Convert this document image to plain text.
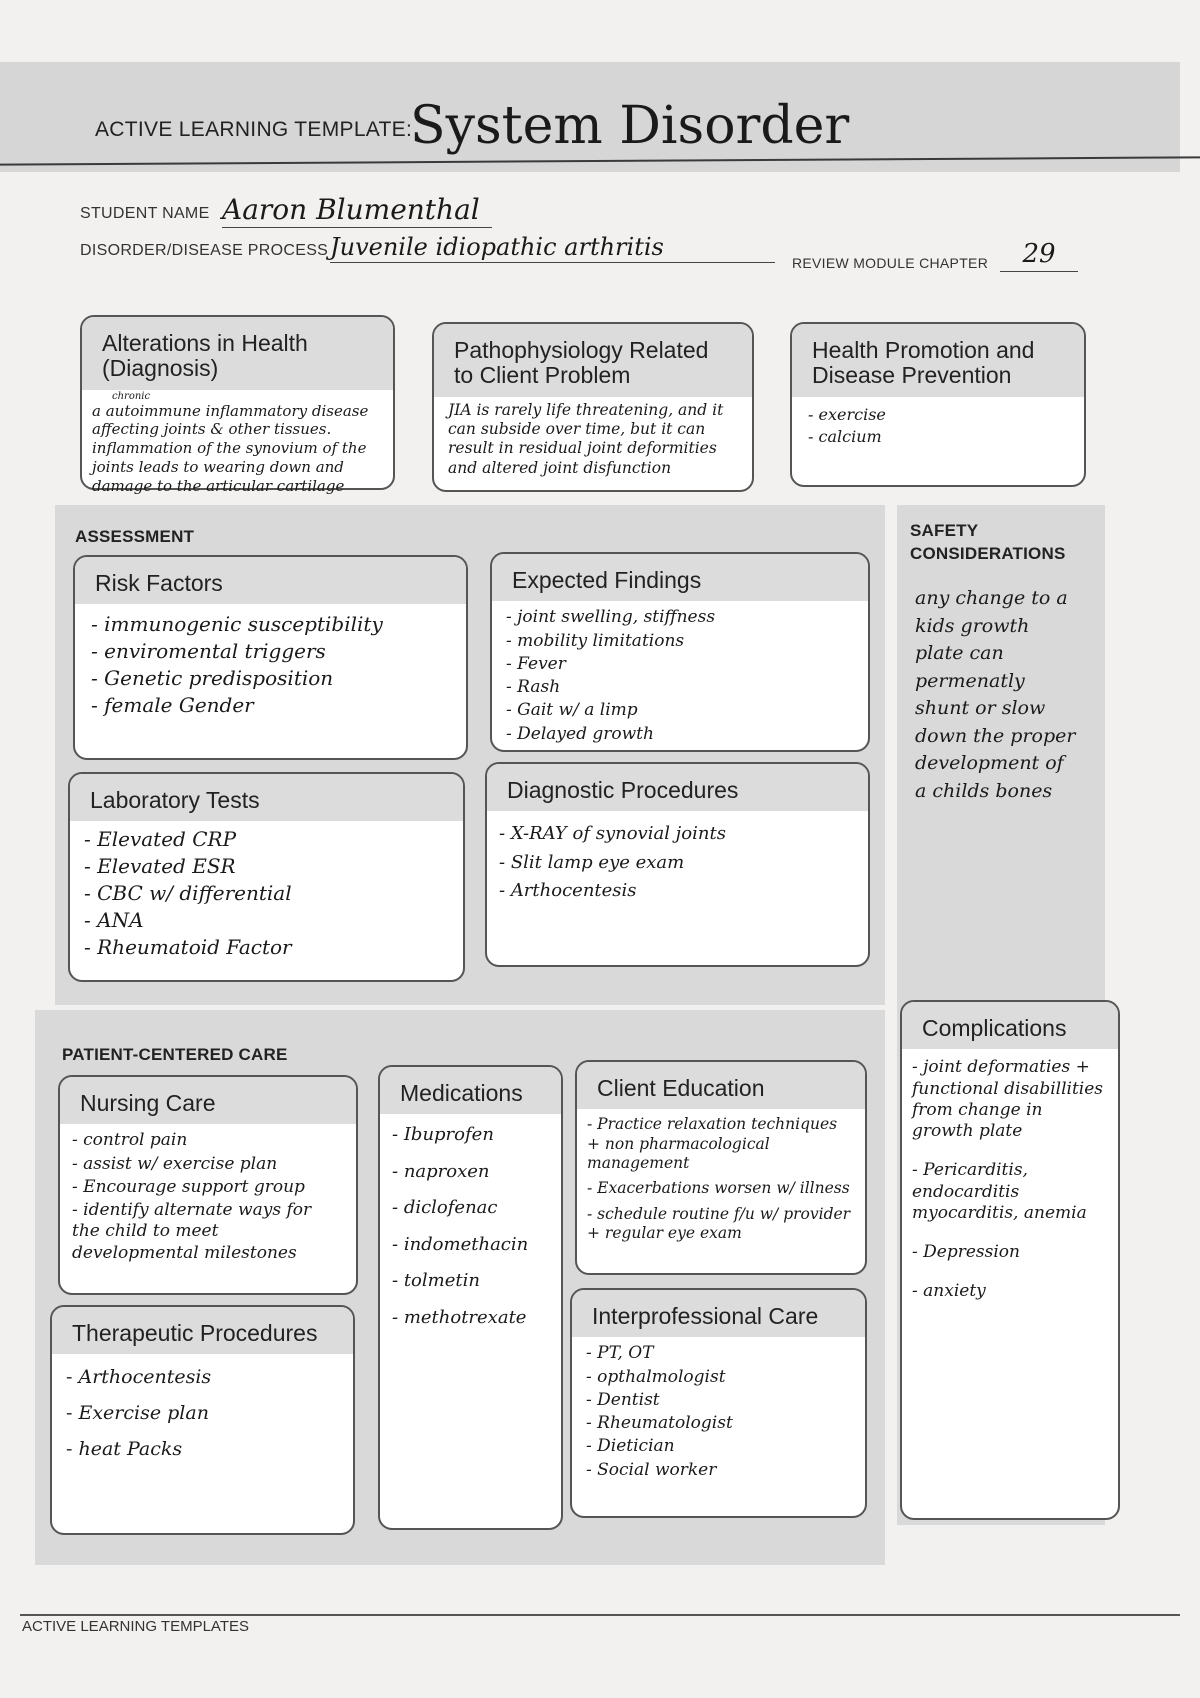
ACTIVE LEARNING TEMPLATE:
System Disorder
STUDENT NAME Aaron Blumenthal
DISORDER/DISEASE PROCESS Juvenile idiopathic arthritis
REVIEW MODULE CHAPTER	29
Alterations in Health (Diagnosis)
chronic
a autoimmune inflammatory disease affecting joints & other tissues.
inflammation of the synovium of the joints leads to wearing down and damage to the articular cartilage
Pathophysiology Related to Client Problem
JIA is rarely life threatening, and it can subside over time, but it can result in residual joint deformities and altered joint disfunction
Health Promotion and Disease Prevention
- exercise
- calcium
ASSESSMENT
Risk Factors
- immunogenic susceptibility
- enviromental triggers
- Genetic predisposition
- female Gender
Expected Findings
- joint swelling, stiffness
- mobility limitations
- Fever
- Rash
- Gait w/ a limp
- Delayed growth
Laboratory Tests
- Elevated CRP
- Elevated ESR
- CBC w/ differential
- ANA
- Rheumatoid Factor
Diagnostic Procedures
- X-RAY of synovial joints
- Slit lamp eye exam
- Arthocentesis
SAFETY CONSIDERATIONS
any change to a kids growth plate can permenatly shunt or slow down the proper development of a childs bones
Complications
- joint deformaties + functional disabillities from change in growth plate
- Pericarditis, endocarditis myocarditis, anemia
- Depression
- anxiety
PATIENT-CENTERED CARE
Nursing Care
- control pain
- assist w/ exercise plan
- Encourage support group
- identify alternate ways for the child to meet developmental milestones
Medications
- Ibuprofen
- naproxen
- diclofenac
- indomethacin
- tolmetin
- methotrexate
Client Education
- Practice relaxation techniques + non pharmacological management
- Exacerbations worsen w/ illness
- schedule routine f/u w/ provider + regular eye exam
Therapeutic Procedures
- Arthocentesis
- Exercise plan
- heat Packs
Interprofessional Care
- PT, OT
- opthalmologist
- Dentist
- Rheumatologist
- Dietician
- Social worker
ACTIVE LEARNING TEMPLATES
